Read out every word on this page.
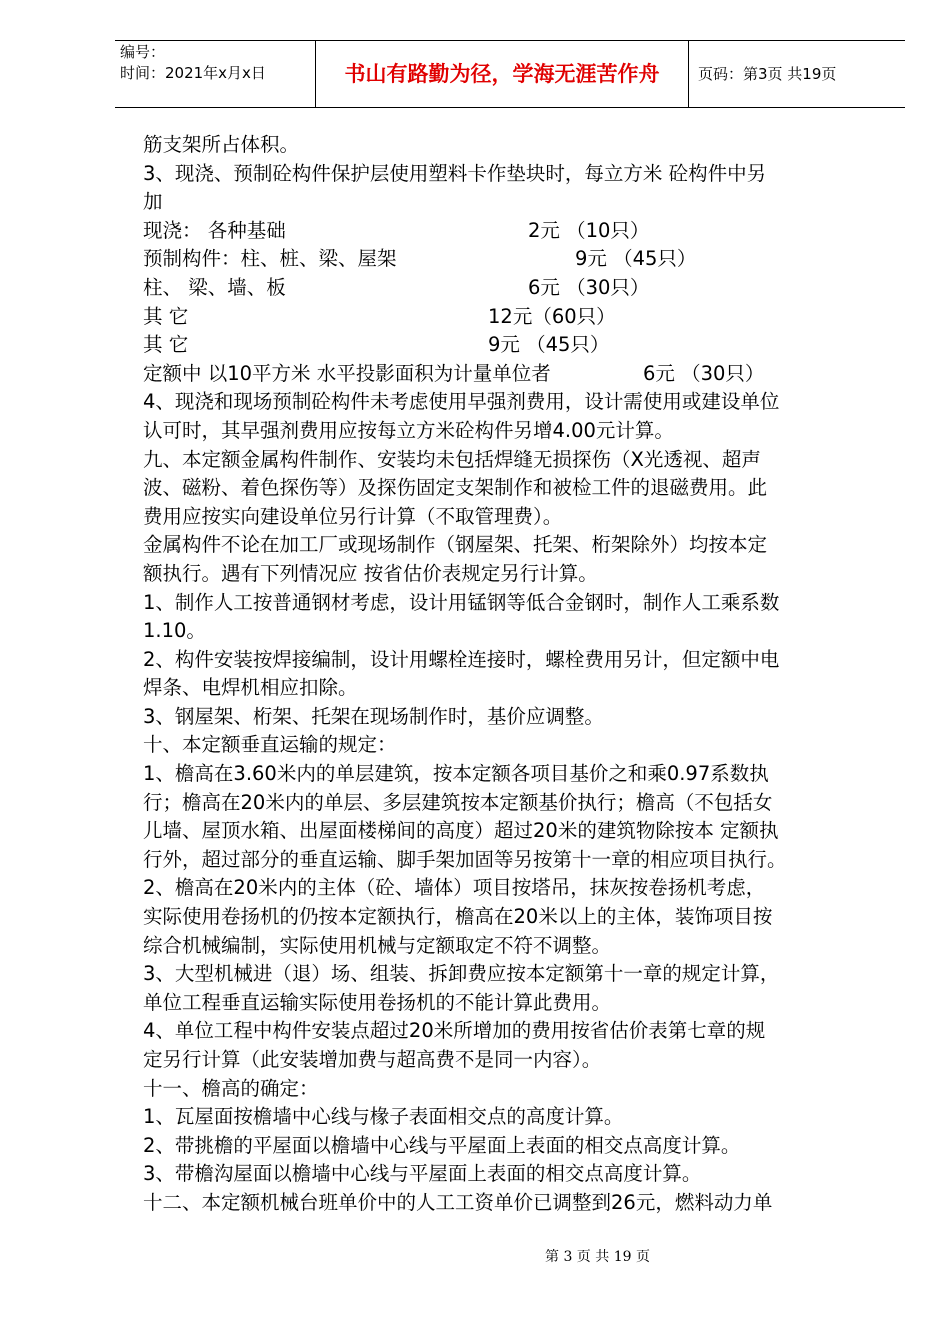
编号：
时间：2021年x月x日	书山有路勤为径，学海无涯苦作舟	页码：第3页 共19页
筋支架所占体积。
3、现浇、预制砼构件保护层使用塑料卡作垫块时，每立方米 砼构件中另
加
现浇： 各种基础	2元 （10只）
预制构件：柱、桩、梁、屋架	9元 （45只）
柱、 梁、墙、板	6元 （30只）
其 它	12元（60只）
其 它	9元 （45只）
定额中 以10平方米 水平投影面积为计量单位者	6元 （30只）
4、现浇和现场预制砼构件未考虑使用早强剂费用，设计需使用或建设单位
认可时，其早强剂费用应按每立方米砼构件另增4.00元计算。
九、本定额金属构件制作、安装均未包括焊缝无损探伤（X光透视、超声
波、磁粉、着色探伤等）及探伤固定支架制作和被检工件的退磁费用。此
费用应按实向建设单位另行计算（不取管理费）。
金属构件不论在加工厂或现场制作（钢屋架、托架、桁架除外）均按本定
额执行。遇有下列情况应 按省估价表规定另行计算。
1、制作人工按普通钢材考虑，设计用锰钢等低合金钢时，制作人工乘系数
1.10。
2、构件安装按焊接编制，设计用螺栓连接时，螺栓费用另计，但定额中电
焊条、电焊机相应扣除。
3、钢屋架、桁架、托架在现场制作时，基价应调整。
十、本定额垂直运输的规定：
1、檐高在3.60米内的单层建筑，按本定额各项目基价之和乘0.97系数执
行；檐高在20米内的单层、多层建筑按本定额基价执行；檐高（不包括女
儿墙、屋顶水箱、出屋面楼梯间的高度）超过20米的建筑物除按本 定额执
行外，超过部分的垂直运输、脚手架加固等另按第十一章的相应项目执行。
2、檐高在20米内的主体（砼、墙体）项目按塔吊，抹灰按卷扬机考虑，
实际使用卷扬机的仍按本定额执行，檐高在20米以上的主体，装饰项目按
综合机械编制，实际使用机械与定额取定不符不调整。
3、大型机械进（退）场、组装、拆卸费应按本定额第十一章的规定计算，
单位工程垂直运输实际使用卷扬机的不能计算此费用。
4、单位工程中构件安装点超过20米所增加的费用按省估价表第七章的规
定另行计算（此安装增加费与超高费不是同一内容）。
十一、檐高的确定：
1、瓦屋面按檐墙中心线与椽子表面相交点的高度计算。
2、带挑檐的平屋面以檐墙中心线与平屋面上表面的相交点高度计算。
3、带檐沟屋面以檐墙中心线与平屋面上表面的相交点高度计算。
十二、本定额机械台班单价中的人工工资单价已调整到26元，燃料动力单
第 3 页 共 19 页
